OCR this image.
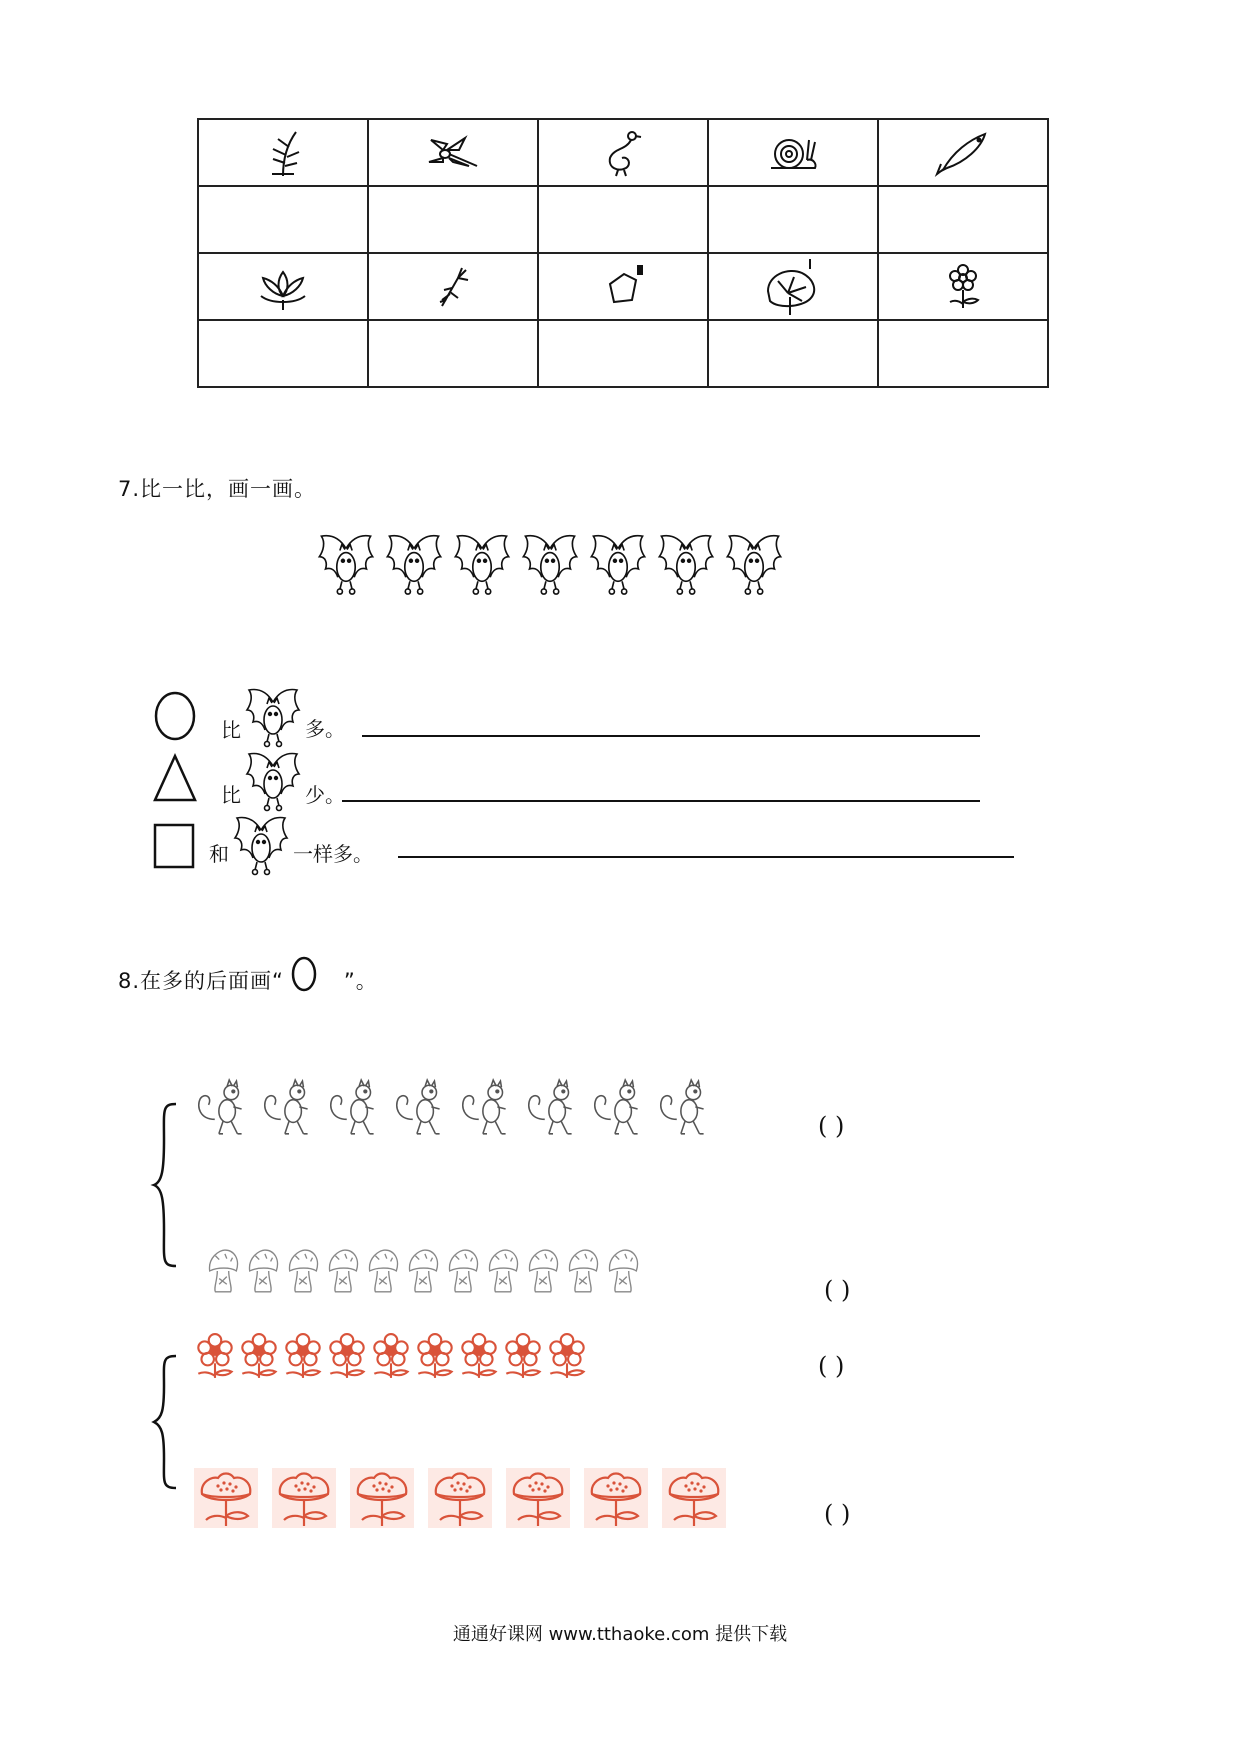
7.比一比，画一画。
比	多。
比	少。
和	一样多。
8.在多的后面画“	”。
( )
( )
( )
( )
通通好课网 www.tthaoke.com 提供下载
